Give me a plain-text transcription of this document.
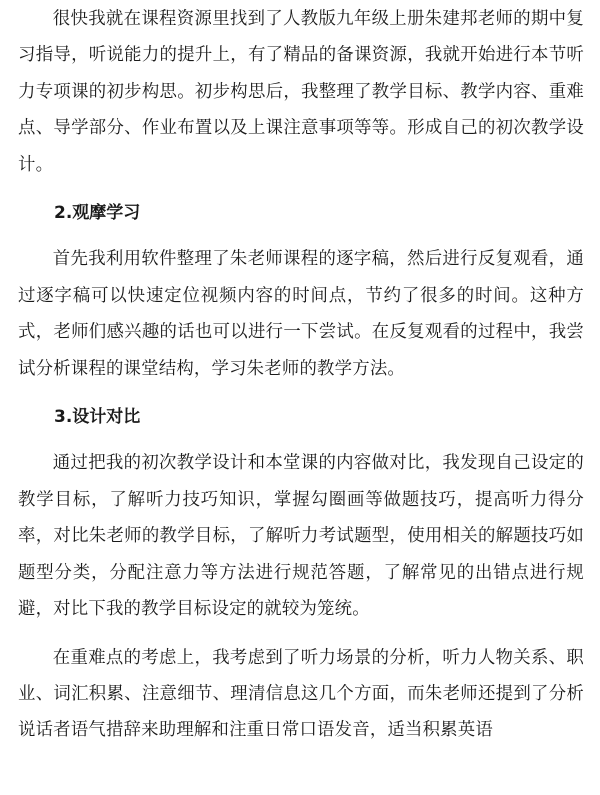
很快我就在课程资源里找到了人教版九年级上册朱建邦老师的期中复习指导，听说能力的提升上，有了精品的备课资源，我就开始进行本节听力专项课的初步构思。初步构思后，我整理了教学目标、教学内容、重难点、导学部分、作业布置以及上课注意事项等等。形成自己的初次教学设计。

2.观摩学习

首先我利用软件整理了朱老师课程的逐字稿，然后进行反复观看，通过逐字稿可以快速定位视频内容的时间点，节约了很多的时间。这种方式，老师们感兴趣的话也可以进行一下尝试。在反复观看的过程中，我尝试分析课程的课堂结构，学习朱老师的教学方法。

3.设计对比

通过把我的初次教学设计和本堂课的内容做对比，我发现自己设定的教学目标，了解听力技巧知识，掌握勾圈画等做题技巧，提高听力得分率，对比朱老师的教学目标，了解听力考试题型，使用相关的解题技巧如题型分类，分配注意力等方法进行规范答题，了解常见的出错点进行规避，对比下我的教学目标设定的就较为笼统。

在重难点的考虑上，我考虑到了听力场景的分析，听力人物关系、职业、词汇积累、注意细节、理清信息这几个方面，而朱老师还提到了分析说话者语气措辞来助理解和注重日常口语发音，适当积累英语
